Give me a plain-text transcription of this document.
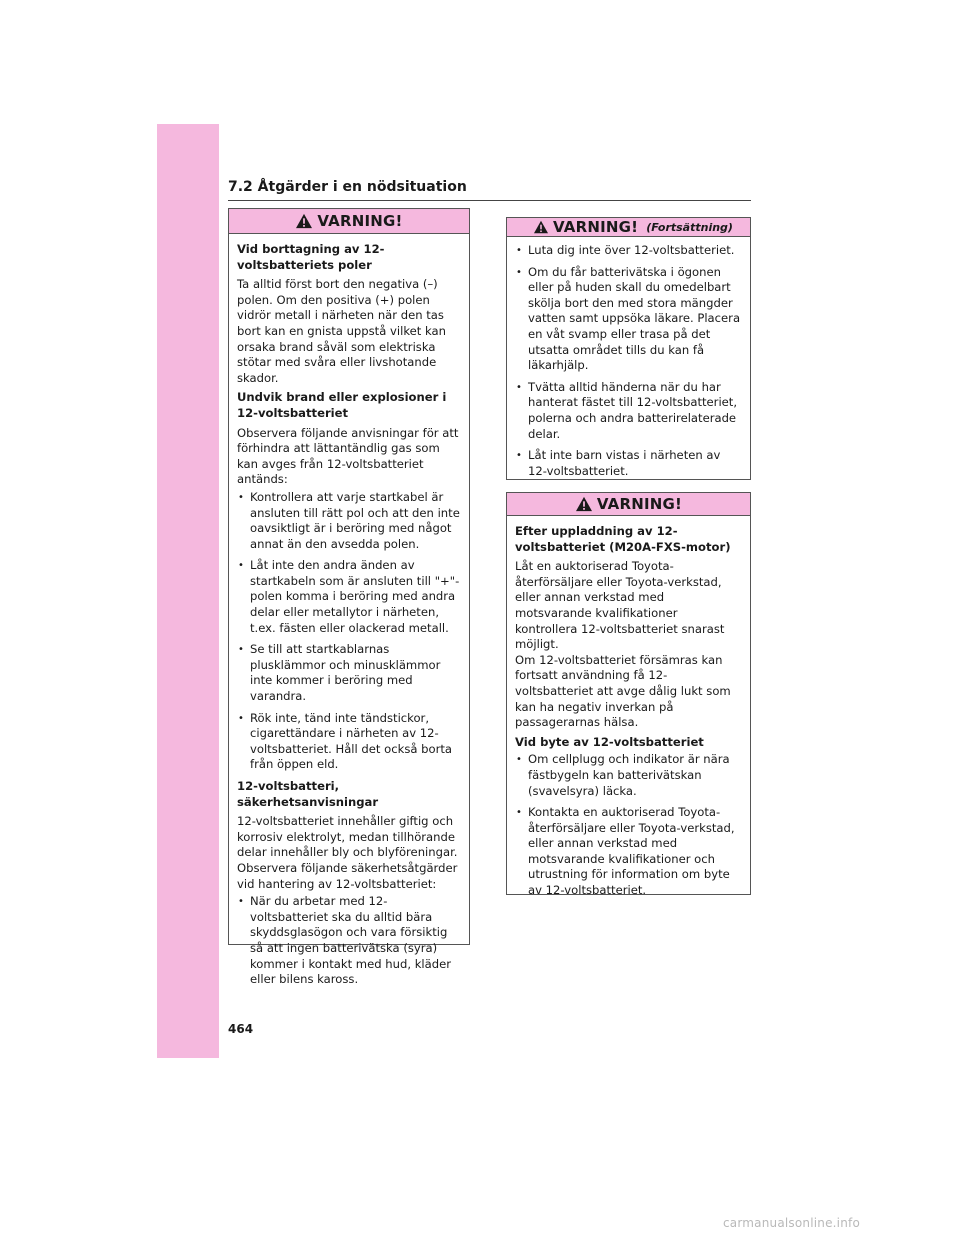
7.2 Åtgärder i en nödsituation
VARNING!
Vid borttagning av 12-voltsbatteriets poler

Ta alltid först bort den negativa (–) polen. Om den positiva (+) polen vidrör metall i närheten när den tas bort kan en gnista uppstå vilket kan orsaka brand såväl som elektriska stötar med svåra eller livshotande skador.

Undvik brand eller explosioner i 12-voltsbatteriet

Observera följande anvisningar för att förhindra att lättantändlig gas som kan avges från 12-voltsbatteriet antänds:

• Kontrollera att varje startkabel är ansluten till rätt pol och att den inte oavsiktligt är i beröring med något annat än den avsedda polen.
• Låt inte den andra änden av startkabeln som är ansluten till "+"-polen komma i beröring med andra delar eller metallytor i närheten, t.ex. fästen eller olackerad metall.
• Se till att startkablarnas plusklämmor och minusklämmor inte kommer i beröring med varandra.
• Rök inte, tänd inte tändstickor, cigarettändare i närheten av 12-voltsbatteriet. Håll det också borta från öppen eld.
12-voltsbatteri, säkerhetsanvisningar

12-voltsbatteriet innehåller giftig och korrosiv elektrolyt, medan tillhörande delar innehåller bly och blyföreningar. Observera följande säkerhetsåtgärder vid hantering av 12-voltsbatteriet:

• När du arbetar med 12-voltsbatteriet ska du alltid bära skyddsglasögon och vara försiktig så att ingen batterivätska (syra) kommer i kontakt med hud, kläder eller bilens kaross.
VARNING! (Fortsättning)
• Luta dig inte över 12-voltsbatteriet.
• Om du får batterivätska i ögonen eller på huden skall du omedelbart skölja bort den med stora mängder vatten samt uppsöka läkare. Placera en våt svamp eller trasa på det utsatta området tills du kan få läkarhjälp.
• Tvätta alltid händerna när du har hanterat fästet till 12-voltsbatteriet, polerna och andra batterirelaterade delar.
• Låt inte barn vistas i närheten av 12-voltsbatteriet.
VARNING!
Efter uppladdning av 12-voltsbatteriet (M20A-FXS-motor)

Låt en auktoriserad Toyota-återförsäljare eller Toyota-verkstad, eller annan verkstad med motsvarande kvalifikationer kontrollera 12-voltsbatteriet snarast möjligt.

Om 12-voltsbatteriet försämras kan fortsatt användning få 12-voltsbatteriet att avge dålig lukt som kan ha negativ inverkan på passagerarnas hälsa.

Vid byte av 12-voltsbatteriet
• Om cellplugg och indikator är nära fästbygeln kan batterivätskan (svavelsyra) läcka.
• Kontakta en auktoriserad Toyota-återförsäljare eller Toyota-verkstad, eller annan verkstad med motsvarande kvalifikationer och utrustning för information om byte av 12-voltsbatteriet.
464
carmanualsonline.info
